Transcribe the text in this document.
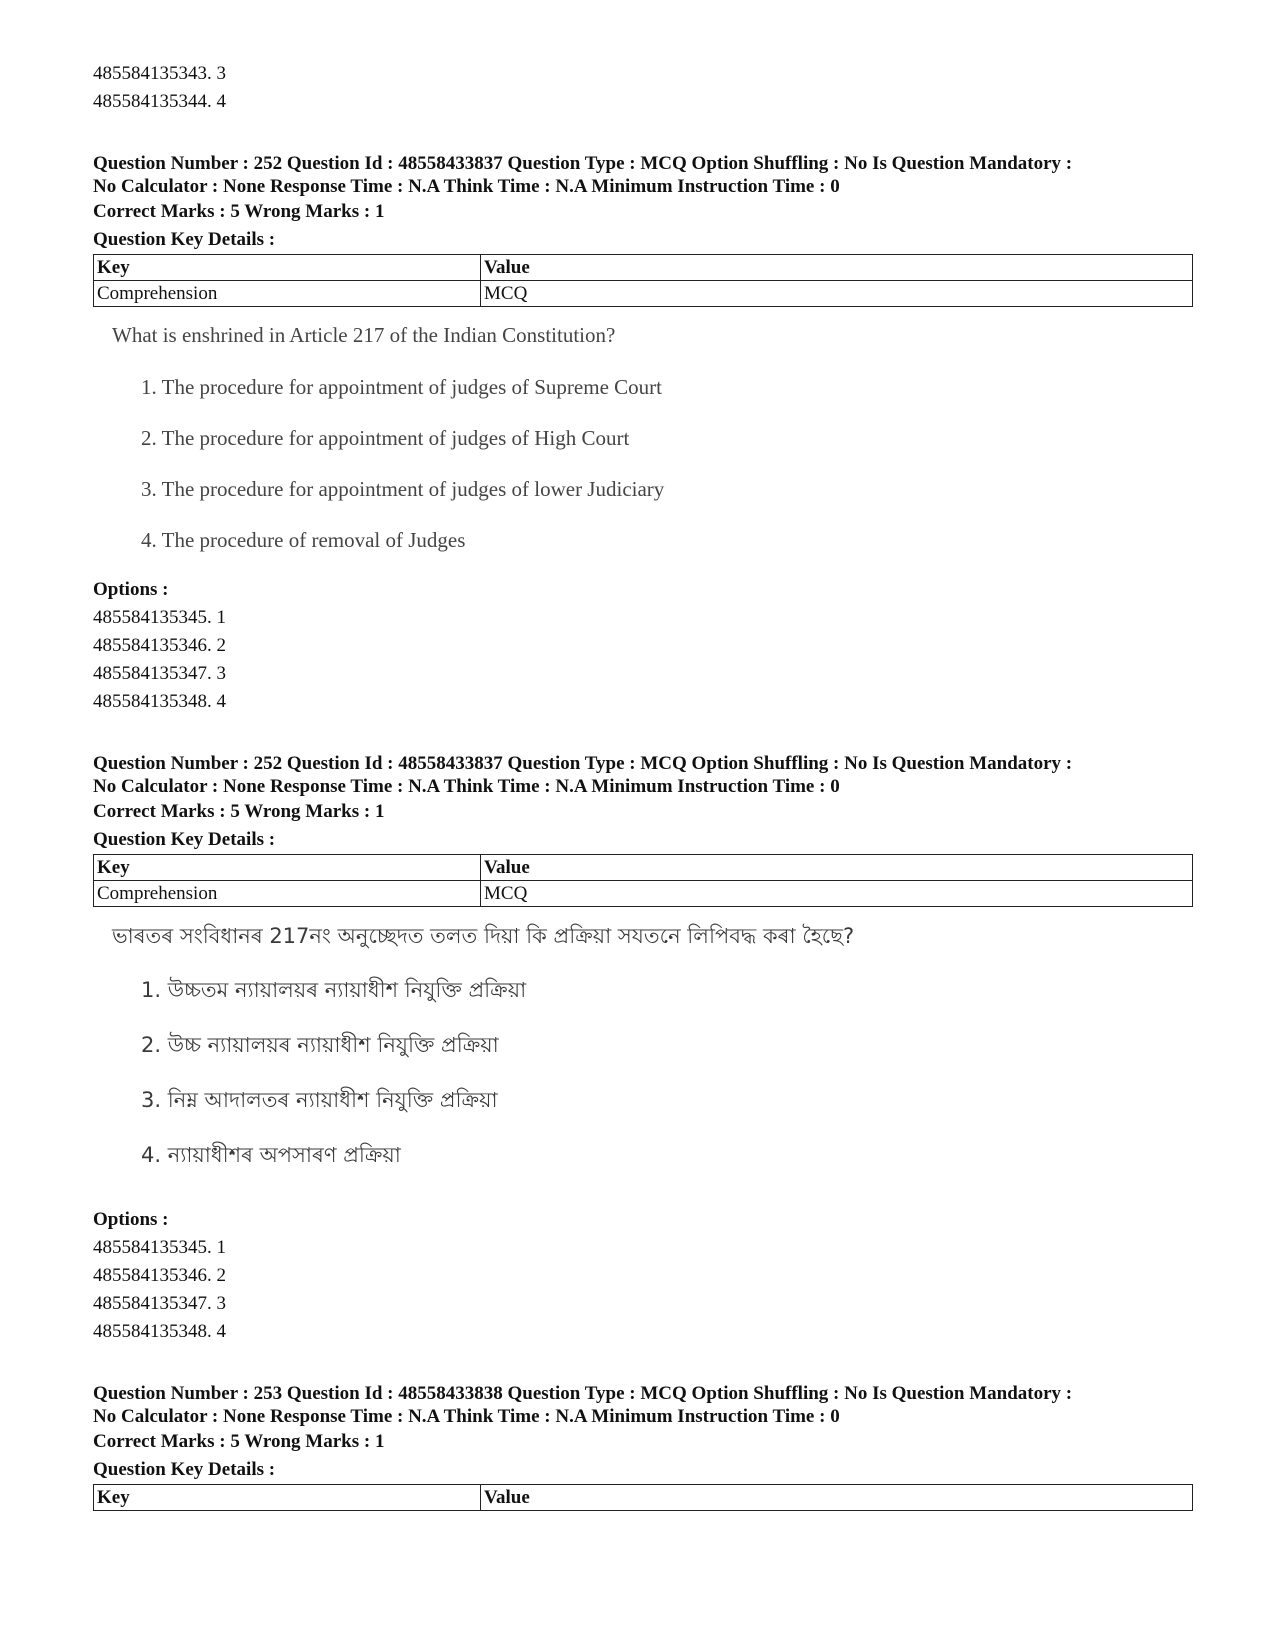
485584135343. 3
485584135344. 4

Question Number : 252 Question Id : 48558433837 Question Type : MCQ Option Shuffling : No Is Question Mandatory :

No Calculator : None Response Time : N.A Think Time : N.A Minimum Instruction Time : 0

Correct Marks : 5 Wrong Marks : 1
Question Key Details :
Key	Value
Comprehension	MCQ
What is enshrined in Article 217 of the Indian Constitution?
1. The procedure for appointment of judges of Supreme Court
2. The procedure for appointment of judges of High Court
3. The procedure for appointment of judges of lower Judiciary
4. The procedure of removal of Judges
Options :
485584135345. 1
485584135346. 2
485584135347. 3
485584135348. 4

Question Number : 252 Question Id : 48558433837 Question Type : MCQ Option Shuffling : No Is Question Mandatory :

No Calculator : None Response Time : N.A Think Time : N.A Minimum Instruction Time : 0

Correct Marks : 5 Wrong Marks : 1
Question Key Details :
Key	Value
Comprehension	MCQ
ভাৰতৰ সংবিধানৰ 217নং অনুচ্ছেদত তলত দিয়া কি প্ৰক্ৰিয়া সযতনে লিপিবদ্ধ কৰা হৈছে?
1. উচ্চতম ন্যায়ালয়ৰ ন্যায়াধীশ নিযুক্তি প্ৰক্ৰিয়া
2. উচ্চ ন্যায়ালয়ৰ ন্যায়াধীশ নিযুক্তি প্ৰক্ৰিয়া
3. নিম্ন আদালতৰ ন্যায়াধীশ নিযুক্তি প্ৰক্ৰিয়া
4. ন্যায়াধীশৰ অপসাৰণ প্ৰক্ৰিয়া
Options :
485584135345. 1
485584135346. 2
485584135347. 3
485584135348. 4

Question Number : 253 Question Id : 48558433838 Question Type : MCQ Option Shuffling : No Is Question Mandatory :

No Calculator : None Response Time : N.A Think Time : N.A Minimum Instruction Time : 0

Correct Marks : 5 Wrong Marks : 1
Question Key Details :
Key	Value
